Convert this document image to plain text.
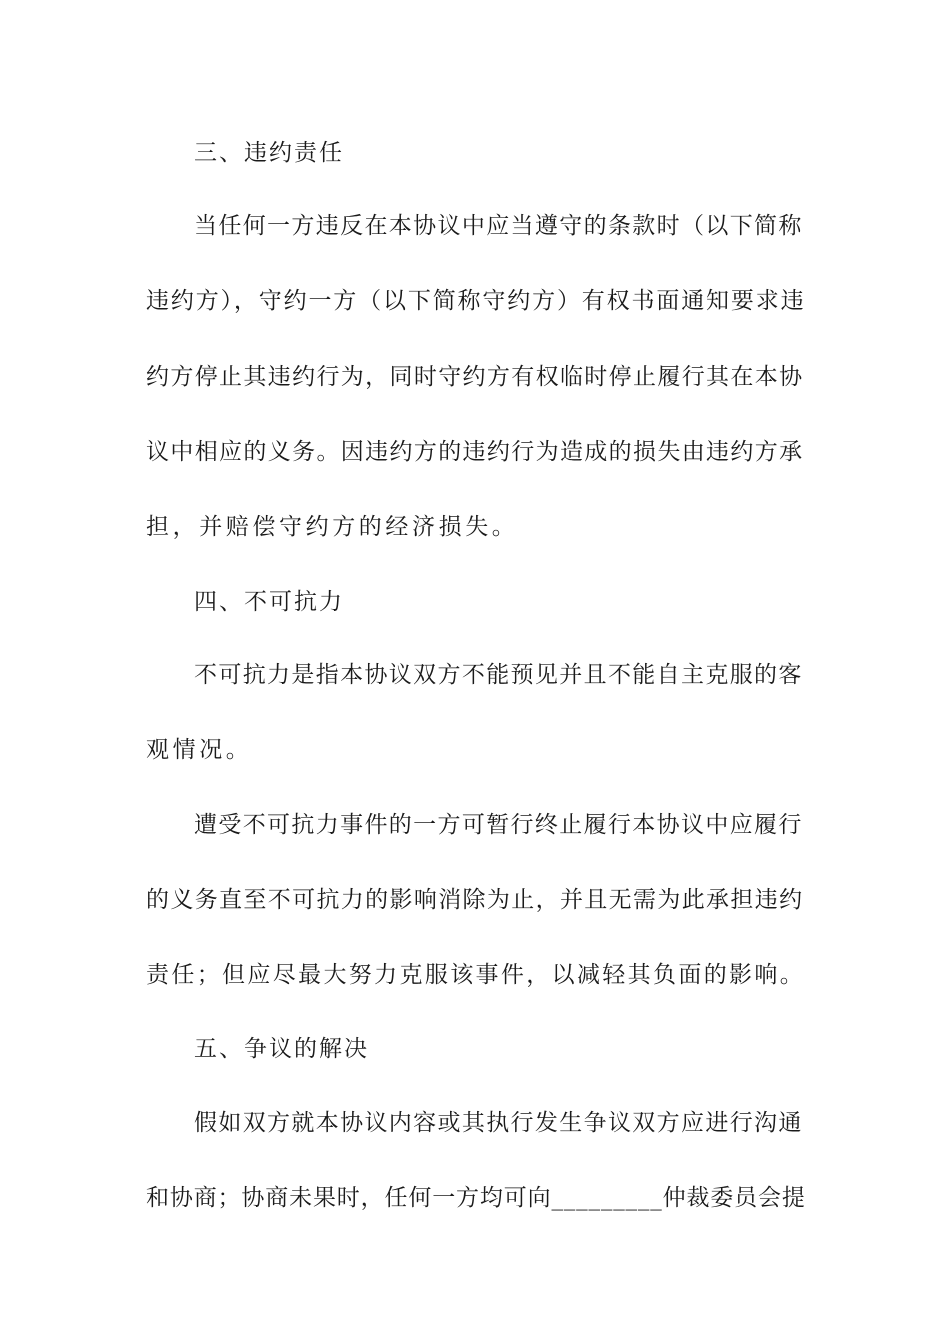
三、违约责任
当任何一方违反在本协议中应当遵守的条款时（以下简称
违约方），守约一方（以下简称守约方）有权书面通知要求违
约方停止其违约行为，同时守约方有权临时停止履行其在本协
议中相应的义务。因违约方的违约行为造成的损失由违约方承
担，并赔偿守约方的经济损失。
四、不可抗力
不可抗力是指本协议双方不能预见并且不能自主克服的客
观情况。
遭受不可抗力事件的一方可暂行终止履行本协议中应履行
的义务直至不可抗力的影响消除为止，并且无需为此承担违约
责任；但应尽最大努力克服该事件，以减轻其负面的影响。
五、争议的解决
假如双方就本协议内容或其执行发生争议双方应进行沟通
和协商；协商未果时，任何一方均可向_________仲裁委员会提
